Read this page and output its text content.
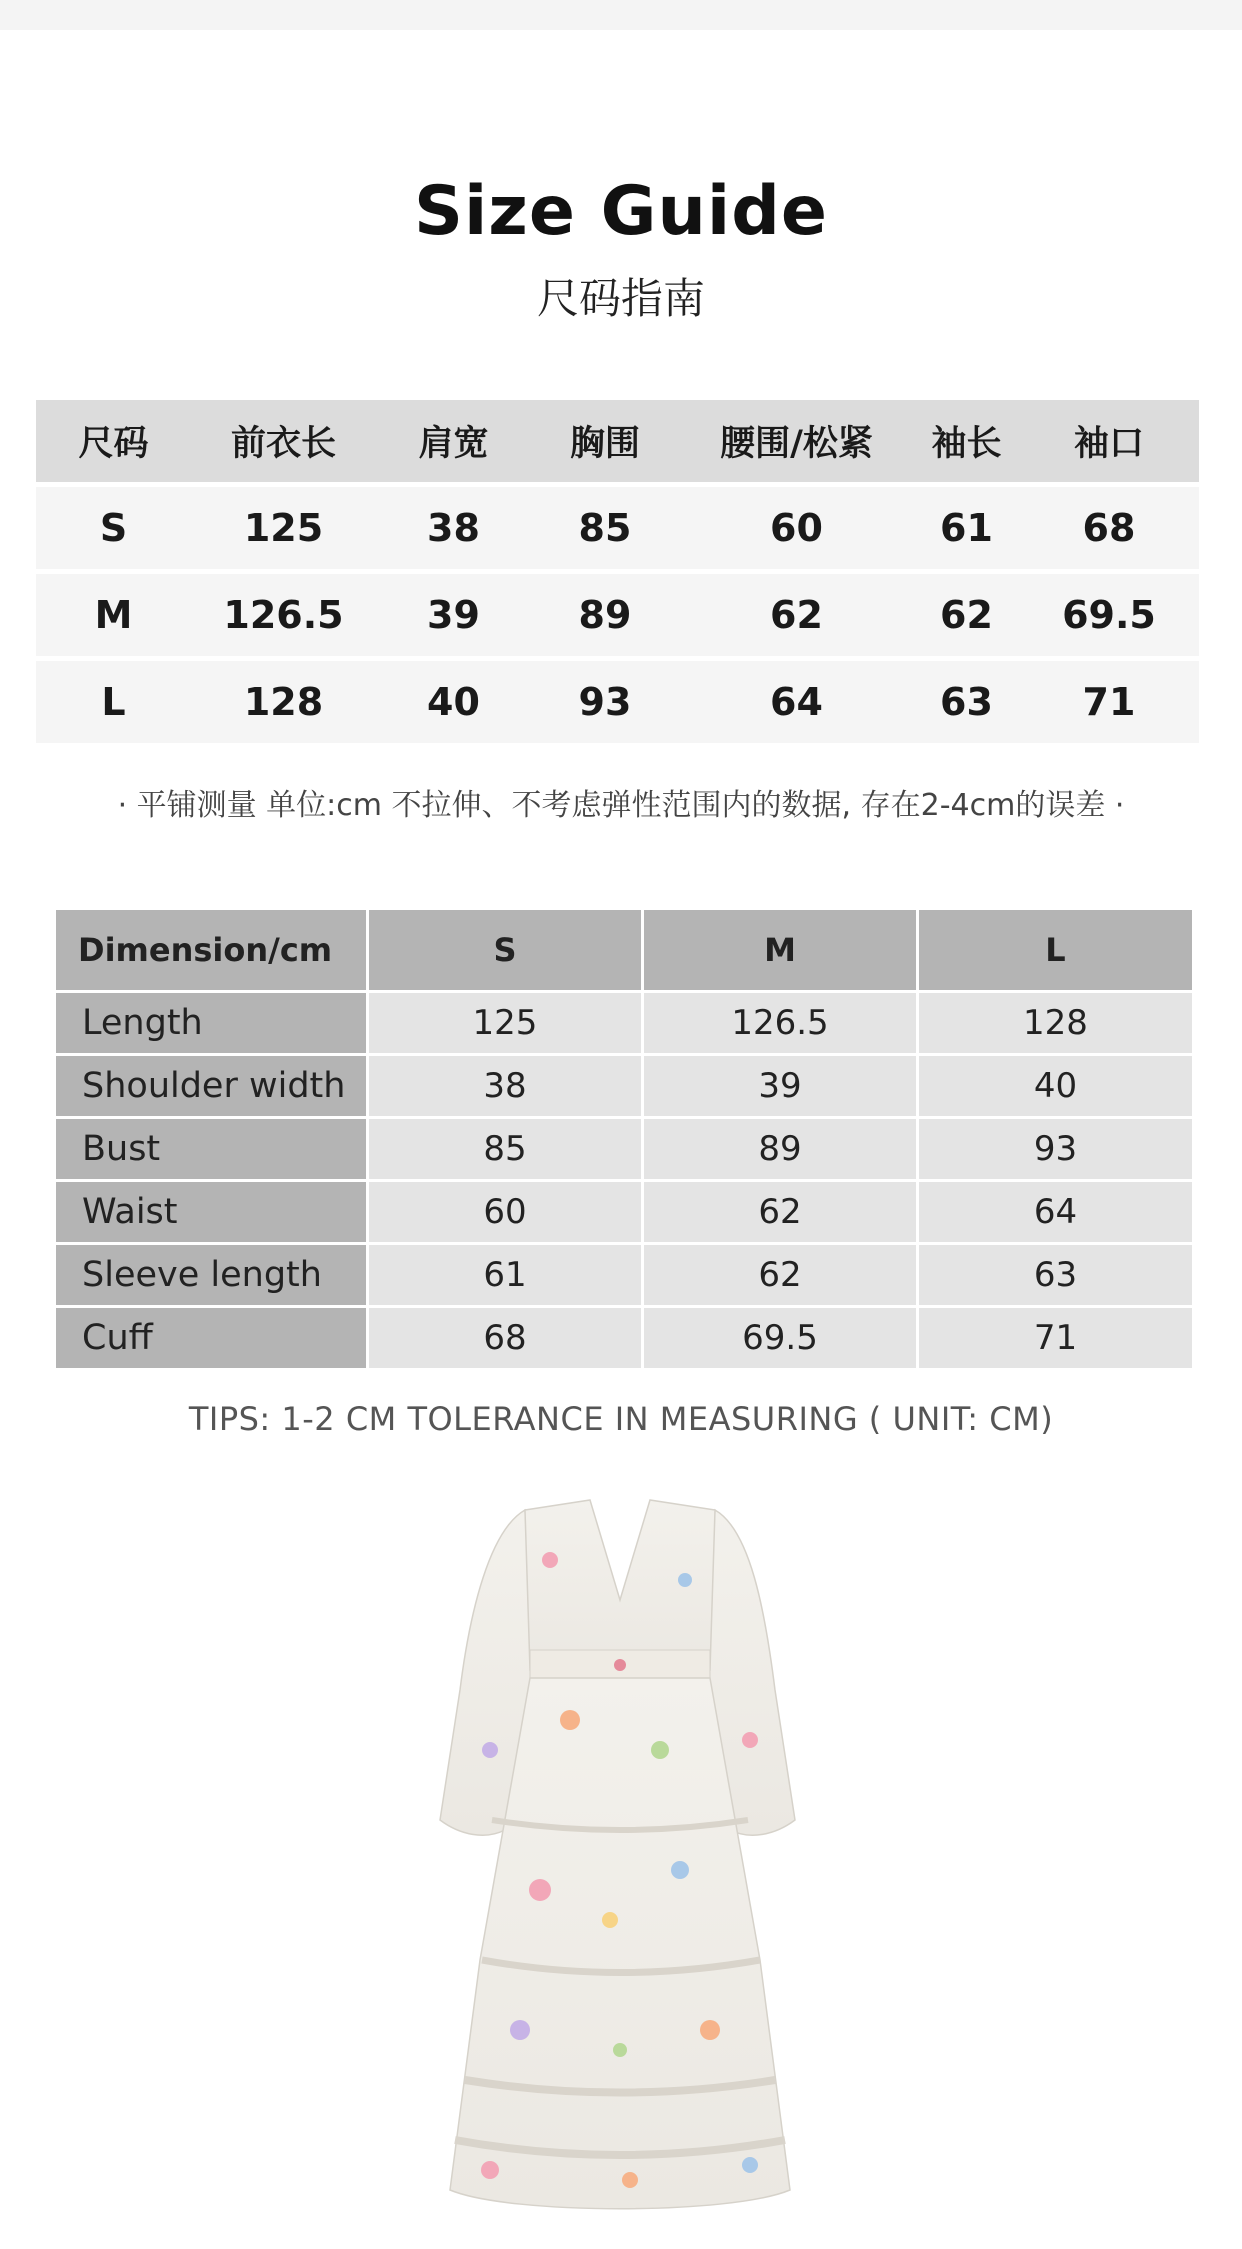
Size Guide
尺码指南
尺码	前衣长	肩宽	胸围	腰围/松紧	袖长	袖口
S	125	38	85	60	61	68
M	126.5	39	89	62	62	69.5
L	128	40	93	64	63	71
· 平铺测量 单位:cm 不拉伸、不考虑弹性范围内的数据, 存在2-4cm的误差 ·
Dimension/cm	S	M	L
Length	125	126.5	128
Shoulder width	38	39	40
Bust	85	89	93
Waist	60	62	64
Sleeve length	61	62	63
Cuff	68	69.5	71
TIPS: 1-2 CM TOLERANCE IN MEASURING ( UNIT: CM)
